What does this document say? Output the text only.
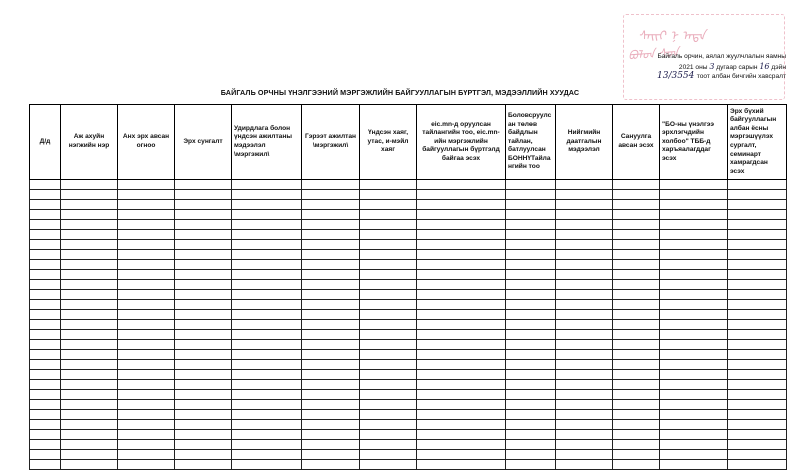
ᠰᠠᠢᠢ ᠨ ᠠᠳᠠ
ᠪᠣᠯᠤᠨ ᠰᠣᠨ
Байгаль орчин, аялал жуулчлалын яамны
2021 оны 3 дугаар сарын 16 дэйн
тоот албан бичгийн хавсралт
13/3554
БАЙГАЛЬ ОРЧНЫ ҮНЭЛГЭЭНИЙ МЭРГЭЖЛИЙН БАЙГУУЛЛАГЫН БҮРТГЭЛ, МЭДЭЭЛЛИЙН ХУУДАС
Д/д	Аж ахуйн нэгжийн нэр	Анх эрх авсан огноо	Эрх сунгалт	Удирдлага болон үндсэн ажилтаны мэдээлэл \мэргэжил\	Гэрээт ажилтан \мэргэжил\	Үндсэн хаяг, утас, и-мэйл хаяг	eic.mn-д оруулсан тайлангийн тоо, eic.mn-ийн мэргэжлийн байгууллагын бүртгэлд байгаа эсэх	Боловсруулсан төлөв байдлын тайлан, батлуулсан БОННҮТайлангийн тоо	Нийгмийн даатгалын мэдээлэл	Сануулга авсан эсэх	"БО-ны үнэлгээ эрхлэгчдийн холбоо" ТББ-д харъяалагддаг эсэх	Эрх бүхий байгууллагын албан ёсны мэргэшүүлэх сургалт, семинарт хамрагдсан эсэх
